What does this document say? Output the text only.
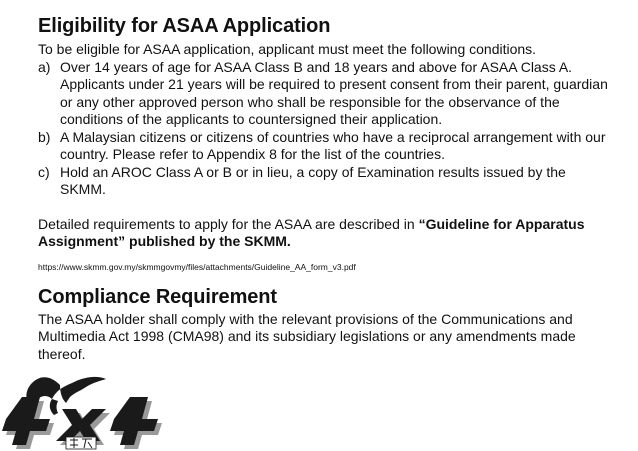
Eligibility for ASAA Application

To be eligible for ASAA application, applicant must meet the following conditions.

a) Over 14 years of age for ASAA Class B and 18 years and above for ASAA Class A. Applicants under 21 years will be required to present consent from their parent, guardian or any other approved person who shall be responsible for the observance of the conditions of the applicants to countersigned their application.
b) A Malaysian citizens or citizens of countries who have a reciprocal arrangement with our country. Please refer to Appendix 8 for the list of the countries.
c) Hold an AROC Class A or B or in lieu, a copy of Examination results issued by the SKMM.

Detailed requirements to apply for the ASAA are described in “Guideline for Apparatus Assignment” published by the SKMM.

https://www.skmm.gov.my/skmmgovmy/files/attachments/Guideline_AA_form_v3.pdf

Compliance Requirement

The ASAA holder shall comply with the relevant provisions of the Communications and Multimedia Act 1998 (CMA98) and its subsidiary legislations or any amendments made thereof.
